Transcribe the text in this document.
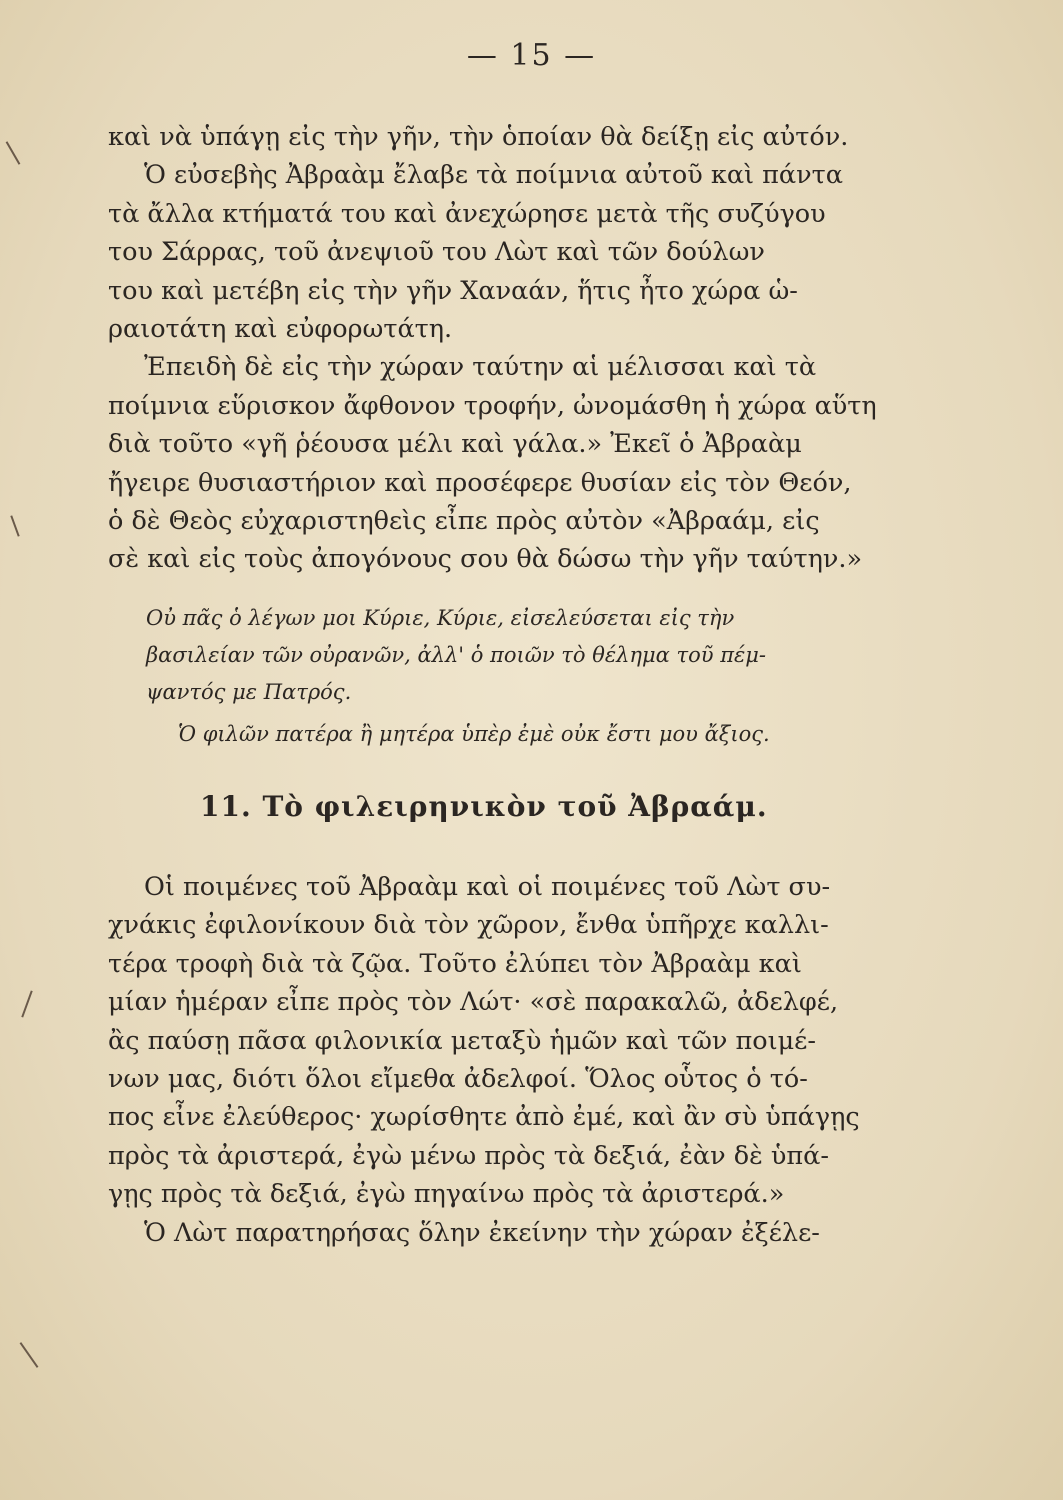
— 15 —
καὶ νὰ ὑπάγῃ εἰς τὴν γῆν, τὴν ὁποίαν θὰ δείξῃ εἰς αὐτόν.
Ὁ εὐσεβὴς Ἀβραὰμ ἔλαβε τὰ ποίμνια αὐτοῦ καὶ πάντα
τὰ ἄλλα κτήματά του καὶ ἀνεχώρησε μετὰ τῆς συζύγου
του Σάρρας, τοῦ ἀνεψιοῦ του Λὼτ καὶ τῶν δούλων
του καὶ μετέβη εἰς τὴν γῆν Χαναάν, ἥτις ἦτο χώρα ὡ-
ραιοτάτη καὶ εὐφορωτάτη.
Ἐπειδὴ δὲ εἰς τὴν χώραν ταύτην αἱ μέλισσαι καὶ τὰ
ποίμνια εὕρισκον ἄφθονον τροφήν, ὠνομάσθη ἡ χώρα αὕτη
διὰ τοῦτο «γῆ ῥέουσα μέλι καὶ γάλα.» Ἐκεῖ ὁ Ἀβραὰμ
ἤγειρε θυσιαστήριον καὶ προσέφερε θυσίαν εἰς τὸν Θεόν,
ὁ δὲ Θεὸς εὐχαριστηθεὶς εἶπε πρὸς αὐτὸν «Ἀβραάμ, εἰς
σὲ καὶ εἰς τοὺς ἀπογόνους σου θὰ δώσω τὴν γῆν ταύτην.»
Οὐ πᾶς ὁ λέγων μοι Κύριε, Κύριε, εἰσελεύσεται εἰς τὴν
βασιλείαν τῶν οὐρανῶν, ἀλλ' ὁ ποιῶν τὸ θέλημα τοῦ πέμ-
ψαντός με Πατρός.
Ὁ φιλῶν πατέρα ἢ μητέρα ὑπὲρ ἐμὲ οὐκ ἔστι μου ἄξιος.
11. Τὸ φιλειρηνικὸν τοῦ Ἀβραάμ.
Οἱ ποιμένες τοῦ Ἀβραὰμ καὶ οἱ ποιμένες τοῦ Λὼτ συ-
χνάκις ἐφιλονίκουν διὰ τὸν χῶρον, ἔνθα ὑπῆρχε καλλι-
τέρα τροφὴ διὰ τὰ ζῷα. Τοῦτο ἐλύπει τὸν Ἀβραὰμ καὶ
μίαν ἡμέραν εἶπε πρὸς τὸν Λώτ· «σὲ παρακαλῶ, ἀδελφέ,
ἂς παύσῃ πᾶσα φιλονικία μεταξὺ ἡμῶν καὶ τῶν ποιμέ-
νων μας, διότι ὅλοι εἴμεθα ἀδελφοί. Ὅλος οὗτος ὁ τό-
πος εἶνε ἐλεύθερος· χωρίσθητε ἀπὸ ἐμέ, καὶ ἂν σὺ ὑπάγῃς
πρὸς τὰ ἀριστερά, ἐγὼ μένω πρὸς τὰ δεξιά, ἐὰν δὲ ὑπά-
γῃς πρὸς τὰ δεξιά, ἐγὼ πηγαίνω πρὸς τὰ ἀριστερά.»
Ὁ Λὼτ παρατηρήσας ὅλην ἐκείνην τὴν χώραν ἐξέλε-
